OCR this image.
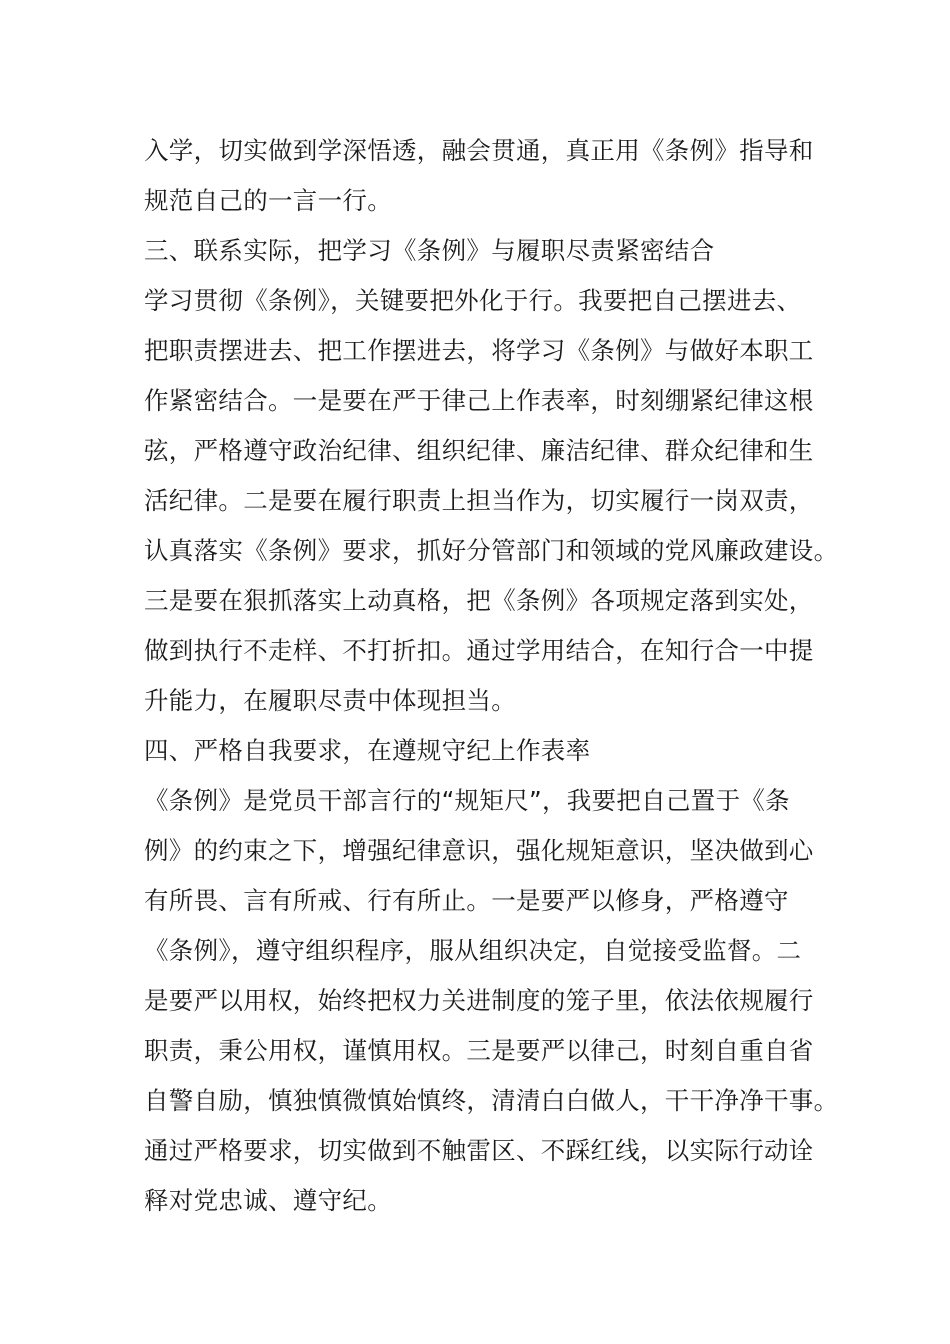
入学，切实做到学深悟透，融会贯通，真正用《条例》指导和
规范自己的一言一行。
三、联系实际，把学习《条例》与履职尽责紧密结合
学习贯彻《条例》，关键要把外化于行。我要把自己摆进去、
把职责摆进去、把工作摆进去，将学习《条例》与做好本职工
作紧密结合。一是要在严于律己上作表率，时刻绷紧纪律这根
弦，严格遵守政治纪律、组织纪律、廉洁纪律、群众纪律和生
活纪律。二是要在履行职责上担当作为，切实履行一岗双责，
认真落实《条例》要求，抓好分管部门和领域的党风廉政建设。
三是要在狠抓落实上动真格，把《条例》各项规定落到实处，
做到执行不走样、不打折扣。通过学用结合，在知行合一中提
升能力，在履职尽责中体现担当。
四、严格自我要求，在遵规守纪上作表率
《条例》是党员干部言行的“规矩尺”，我要把自己置于《条
例》的约束之下，增强纪律意识，强化规矩意识，坚决做到心
有所畏、言有所戒、行有所止。一是要严以修身，严格遵守
《条例》，遵守组织程序，服从组织决定，自觉接受监督。二
是要严以用权，始终把权力关进制度的笼子里，依法依规履行
职责，秉公用权，谨慎用权。三是要严以律己，时刻自重自省
自警自励，慎独慎微慎始慎终，清清白白做人，干干净净干事。
通过严格要求，切实做到不触雷区、不踩红线，以实际行动诠
释对党忠诚、遵守纪。
